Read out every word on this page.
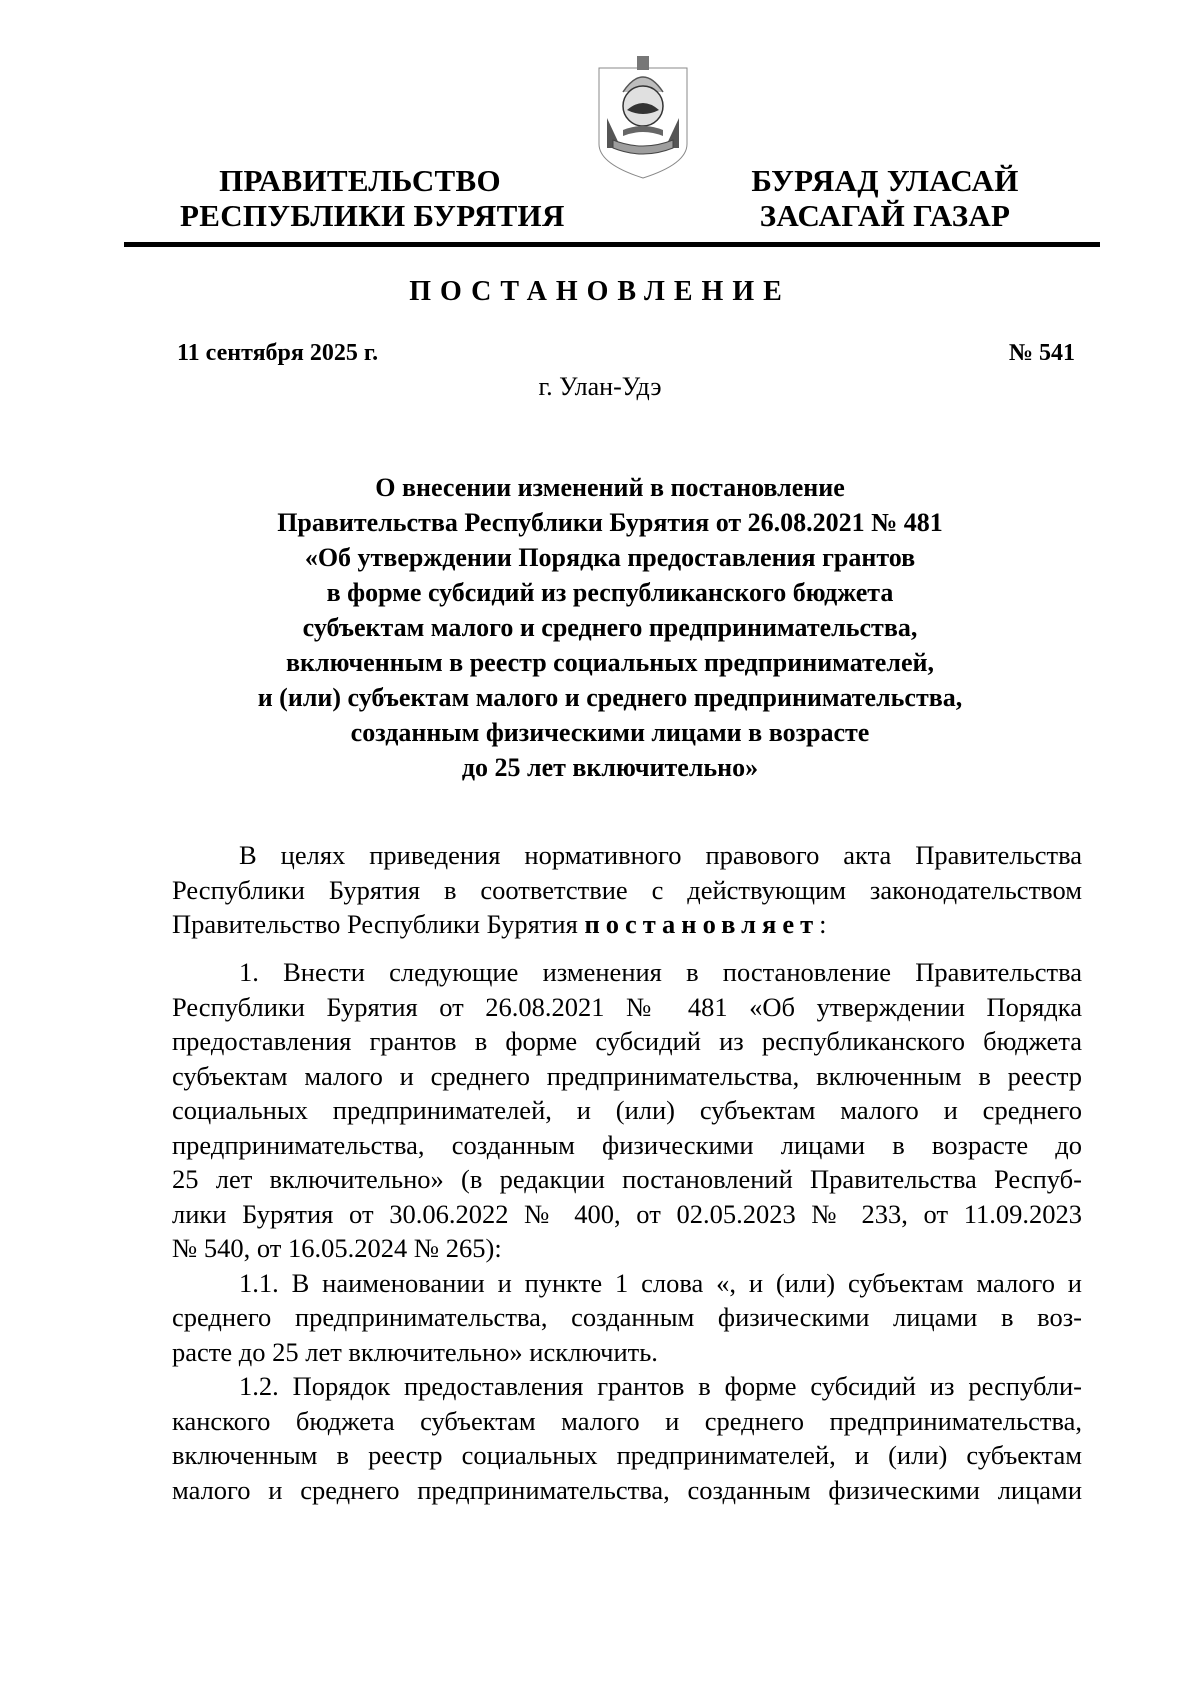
ПРАВИТЕЛЬСТВО
РЕСПУБЛИКИ БУРЯТИЯ
БУРЯАД УЛАСАЙ
ЗАСАГАЙ ГАЗАР
ПОСТАНОВЛЕНИЕ
11 сентября 2025 г.	№ 541
г. Улан-Удэ
О внесении изменений в постановление
Правительства Республики Бурятия от 26.08.2021 № 481
«Об утверждении Порядка предоставления грантов
в форме субсидий из республиканского бюджета
субъектам малого и среднего предпринимательства,
включенным в реестр социальных предпринимателей,
и (или) субъектам малого и среднего предпринимательства,
созданным физическими лицами в возрасте
до 25 лет включительно»
В целях приведения нормативного правового акта Правительства
Республики Бурятия в соответствие с действующим законодательством
Правительство Республики Бурятия постановляет:
1. Внести следующие изменения в постановление Правительства
Республики Бурятия от 26.08.2021 № 481 «Об утверждении Порядка
предоставления грантов в форме субсидий из республиканского бюджета
субъектам малого и среднего предпринимательства, включенным в реестр
социальных предпринимателей, и (или) субъектам малого и среднего
предпринимательства, созданным физическими лицами в возрасте до
25 лет включительно» (в редакции постановлений Правительства Респуб-
лики Бурятия от 30.06.2022 № 400, от 02.05.2023 № 233, от 11.09.2023
№ 540, от 16.05.2024 № 265):
1.1. В наименовании и пункте 1 слова «, и (или) субъектам малого и
среднего предпринимательства, созданным физическими лицами в воз-
расте до 25 лет включительно» исключить.
1.2. Порядок предоставления грантов в форме субсидий из республи-
канского бюджета субъектам малого и среднего предпринимательства,
включенным в реестр социальных предпринимателей, и (или) субъектам
малого и среднего предпринимательства, созданным физическими лицами
